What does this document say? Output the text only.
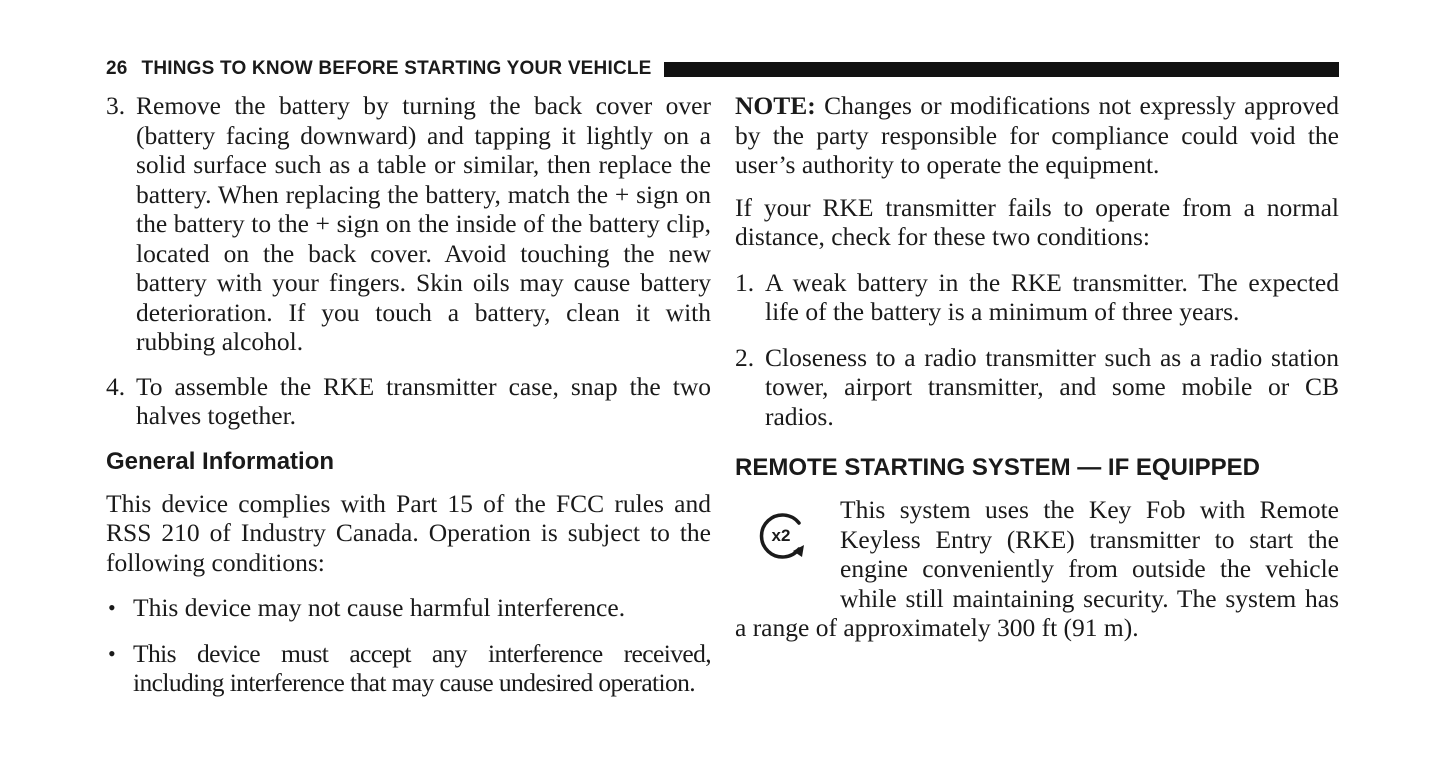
26 THINGS TO KNOW BEFORE STARTING YOUR VEHICLE
3. Remove the battery by turning the back cover over (battery facing downward) and tapping it lightly on a solid surface such as a table or similar, then replace the battery. When replacing the battery, match the + sign on the battery to the + sign on the inside of the battery clip, located on the back cover. Avoid touching the new battery with your fingers. Skin oils may cause battery deterioration. If you touch a battery, clean it with rubbing alcohol.
4. To assemble the RKE transmitter case, snap the two halves together.
General Information

This device complies with Part 15 of the FCC rules and RSS 210 of Industry Canada. Operation is subject to the following conditions:

• This device may not cause harmful interference.
• This device must accept any interference received, including interference that may cause undesired operation.

NOTE: Changes or modifications not expressly approved by the party responsible for compliance could void the user’s authority to operate the equipment.

If your RKE transmitter fails to operate from a normal distance, check for these two conditions:

1. A weak battery in the RKE transmitter. The expected life of the battery is a minimum of three years.
2. Closeness to a radio transmitter such as a radio station tower, airport transmitter, and some mobile or CB radios.
REMOTE STARTING SYSTEM — IF EQUIPPED
x2
This system uses the Key Fob with Remote
Keyless Entry (RKE) transmitter to start the
engine conveniently from outside the vehicle
while still maintaining security. The system has
a range of approximately 300 ft (91 m).
